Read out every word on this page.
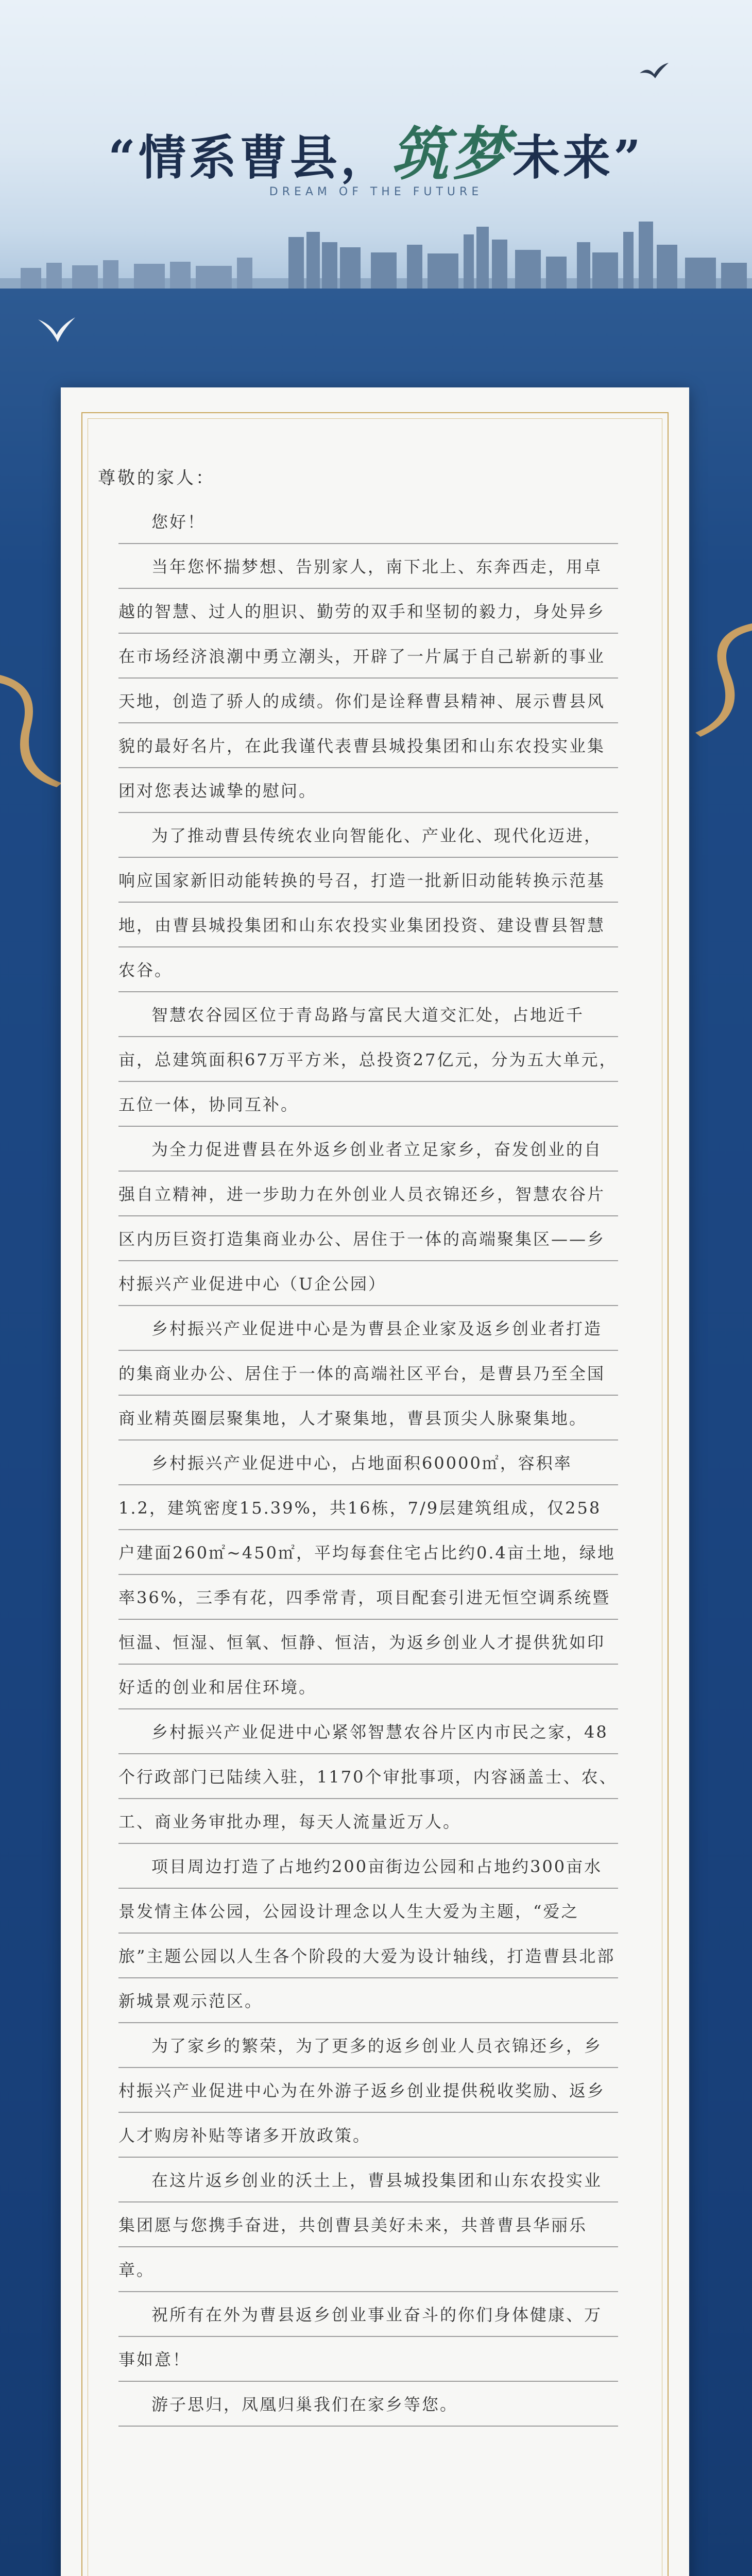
“情系曹县，筑梦未来”
DREAM OF THE FUTURE
尊敬的家人：

您好！

当年您怀揣梦想、告别家人，南下北上、东奔西走，用卓越的智慧、过人的胆识、勤劳的双手和坚韧的毅力，身处异乡在市场经济浪潮中勇立潮头，开辟了一片属于自己崭新的事业天地，创造了骄人的成绩。你们是诠释曹县精神、展示曹县风貌的最好名片，在此我谨代表曹县城投集团和山东农投实业集团对您表达诚挚的慰问。

为了推动曹县传统农业向智能化、产业化、现代化迈进，响应国家新旧动能转换的号召，打造一批新旧动能转换示范基地，由曹县城投集团和山东农投实业集团投资、建设曹县智慧农谷。

智慧农谷园区位于青岛路与富民大道交汇处，占地近千亩，总建筑面积67万平方米，总投资27亿元，分为五大单元，五位一体，协同互补。

为全力促进曹县在外返乡创业者立足家乡，奋发创业的自强自立精神，进一步助力在外创业人员衣锦还乡，智慧农谷片区内历巨资打造集商业办公、居住于一体的高端聚集区——乡村振兴产业促进中心（U企公园）

乡村振兴产业促进中心是为曹县企业家及返乡创业者打造的集商业办公、居住于一体的高端社区平台，是曹县乃至全国商业精英圈层聚集地，人才聚集地，曹县顶尖人脉聚集地。

乡村振兴产业促进中心，占地面积60000㎡，容积率1.2，建筑密度15.39%，共16栋，7/9层建筑组成，仅258户建面260㎡~450㎡，平均每套住宅占比约0.4亩土地，绿地率36%，三季有花，四季常青，项目配套引进无恒空调系统暨恒温、恒湿、恒氧、恒静、恒洁，为返乡创业人才提供犹如印好适的创业和居住环境。

乡村振兴产业促进中心紧邻智慧农谷片区内市民之家，48个行政部门已陆续入驻，1170个审批事项，内容涵盖士、农、工、商业务审批办理，每天人流量近万人。

项目周边打造了占地约200亩街边公园和占地约300亩水景发情主体公园，公园设计理念以人生大爱为主题，“爱之旅”主题公园以人生各个阶段的大爱为设计轴线，打造曹县北部新城景观示范区。

为了家乡的繁荣，为了更多的返乡创业人员衣锦还乡，乡村振兴产业促进中心为在外游子返乡创业提供税收奖励、返乡人才购房补贴等诸多开放政策。

在这片返乡创业的沃土上，曹县城投集团和山东农投实业集团愿与您携手奋进，共创曹县美好未来，共普曹县华丽乐章。

祝所有在外为曹县返乡创业事业奋斗的你们身体健康、万事如意！

游子思归，凤凰归巢我们在家乡等您。
